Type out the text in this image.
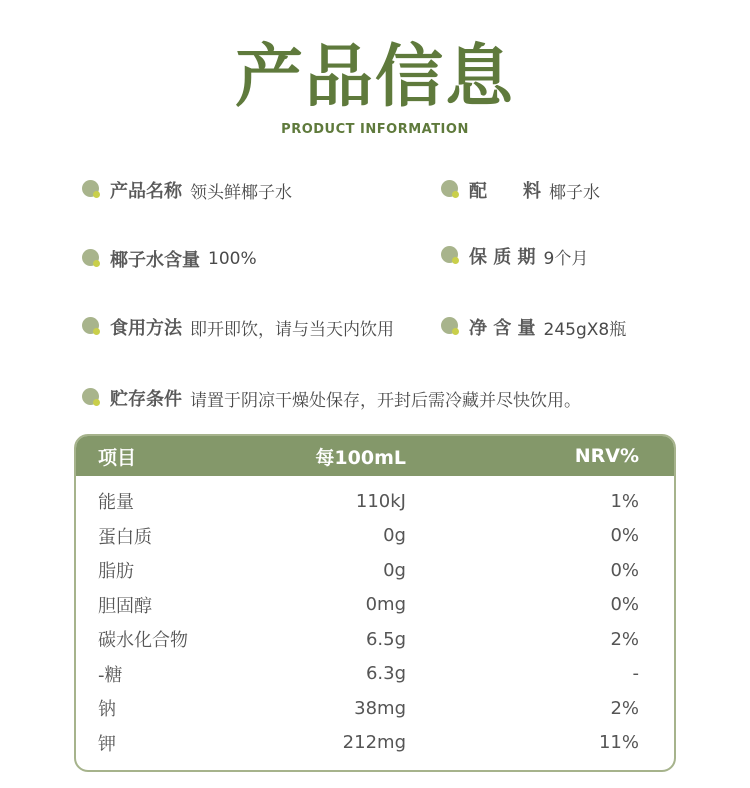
产品信息
PRODUCT INFORMATION
产品名称 领头鲜椰子水	配　　料 椰子水
椰子水含量 100%	保 质 期 9个月
食用方法 即开即饮，请与当天内饮用	净 含 量 245gX8瓶
贮存条件 请置于阴凉干燥处保存，开封后需冷藏并尽快饮用。
项目	每100mL	NRV%
能量	110kJ	1%
蛋白质	0g	0%
脂肪	0g	0%
胆固醇	0mg	0%
碳水化合物	6.5g	2%
-糖	6.3g	-
钠	38mg	2%
钾	212mg	11%
